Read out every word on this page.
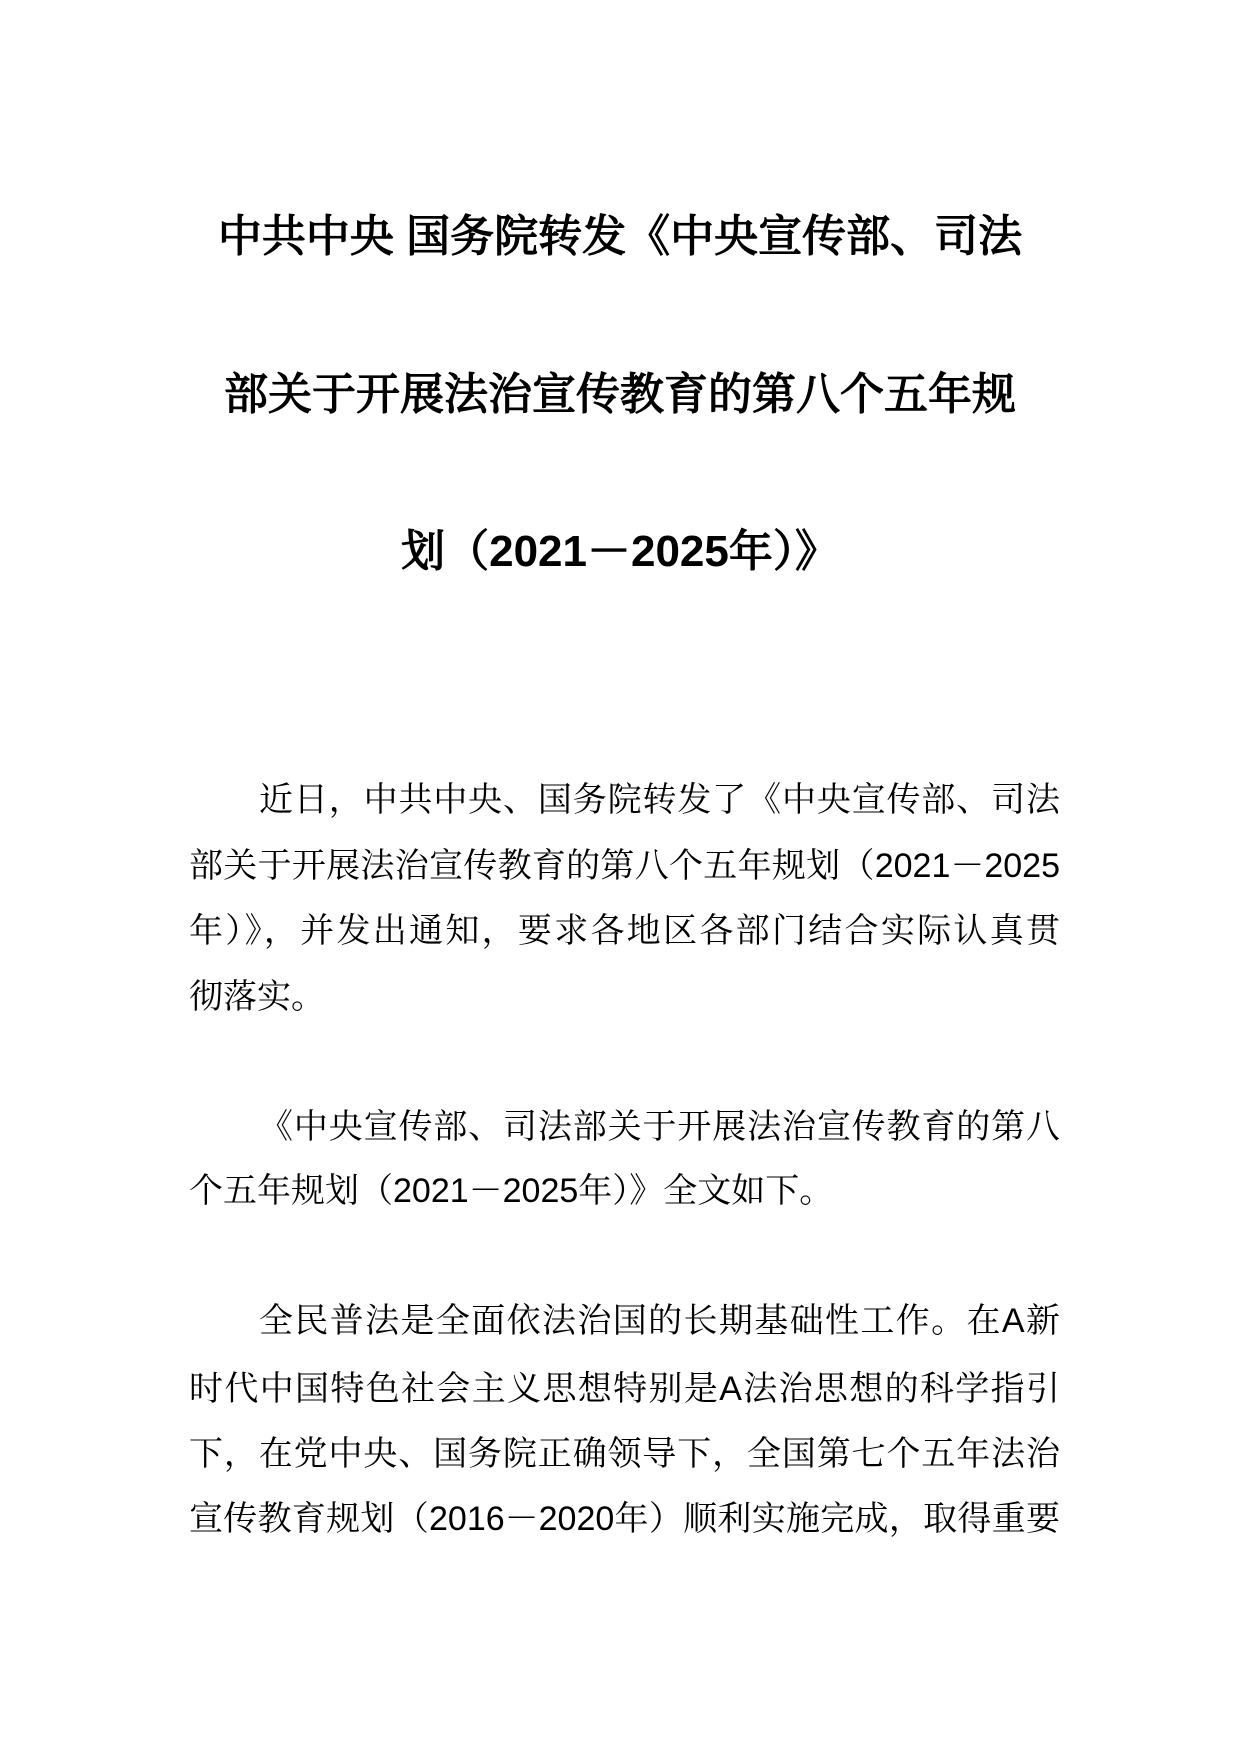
中共中央 国务院转发《中央宣传部、司法
部关于开展法治宣传教育的第八个五年规
划（2021－2025年）》
近日，中共中央、国务院转发了《中央宣传部、司法
部关于开展法治宣传教育的第八个五年规划（2021－2025
年）》，并发出通知，要求各地区各部门结合实际认真贯
彻落实。
《中央宣传部、司法部关于开展法治宣传教育的第八
个五年规划（2021－2025年）》全文如下。
全民普法是全面依法治国的长期基础性工作。在A新
时代中国特色社会主义思想特别是A法治思想的科学指引
下，在党中央、国务院正确领导下，全国第七个五年法治
宣传教育规划（2016－2020年）顺利实施完成，取得重要
